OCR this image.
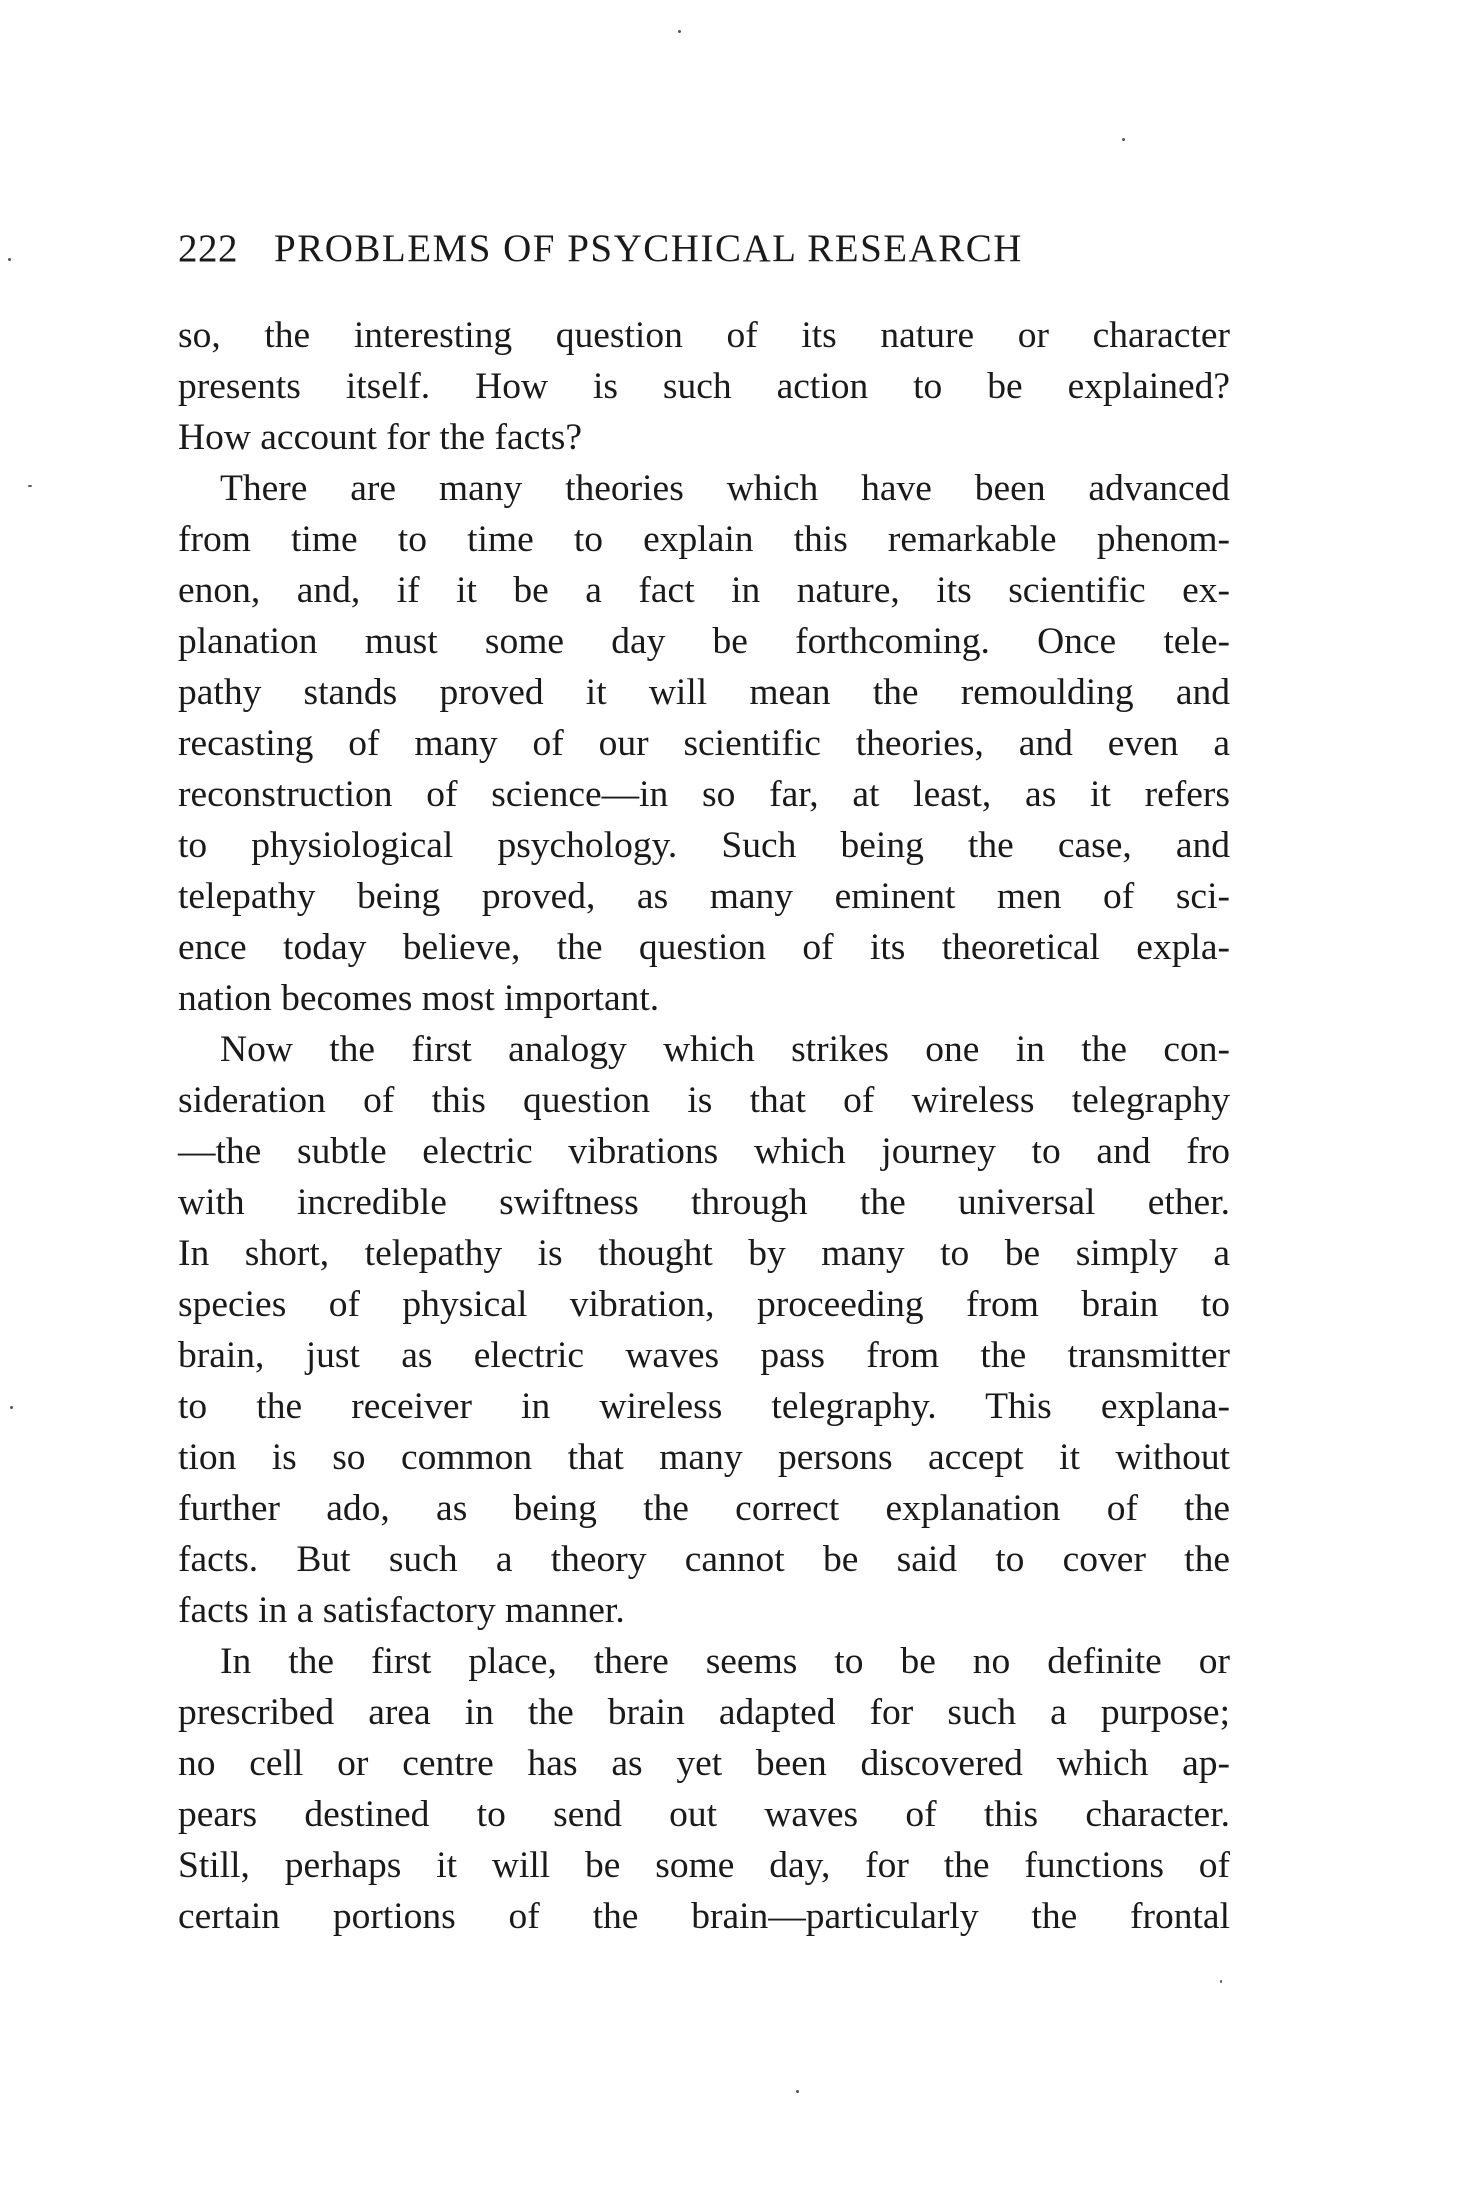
222 PROBLEMS OF PSYCHICAL RESEARCH
so, the interesting question of its nature or character
presents itself. How is such action to be explained?
How account for the facts?
There are many theories which have been advanced
from time to time to explain this remarkable phenom-
enon, and, if it be a fact in nature, its scientific ex-
planation must some day be forthcoming. Once tele-
pathy stands proved it will mean the remoulding and
recasting of many of our scientific theories, and even a
reconstruction of science—in so far, at least, as it refers
to physiological psychology. Such being the case, and
telepathy being proved, as many eminent men of sci-
ence today believe, the question of its theoretical expla-
nation becomes most important.
Now the first analogy which strikes one in the con-
sideration of this question is that of wireless telegraphy
—the subtle electric vibrations which journey to and fro
with incredible swiftness through the universal ether.
In short, telepathy is thought by many to be simply a
species of physical vibration, proceeding from brain to
brain, just as electric waves pass from the transmitter
to the receiver in wireless telegraphy. This explana-
tion is so common that many persons accept it without
further ado, as being the correct explanation of the
facts. But such a theory cannot be said to cover the
facts in a satisfactory manner.
In the first place, there seems to be no definite or
prescribed area in the brain adapted for such a purpose;
no cell or centre has as yet been discovered which ap-
pears destined to send out waves of this character.
Still, perhaps it will be some day, for the functions of
certain portions of the brain—particularly the frontal
